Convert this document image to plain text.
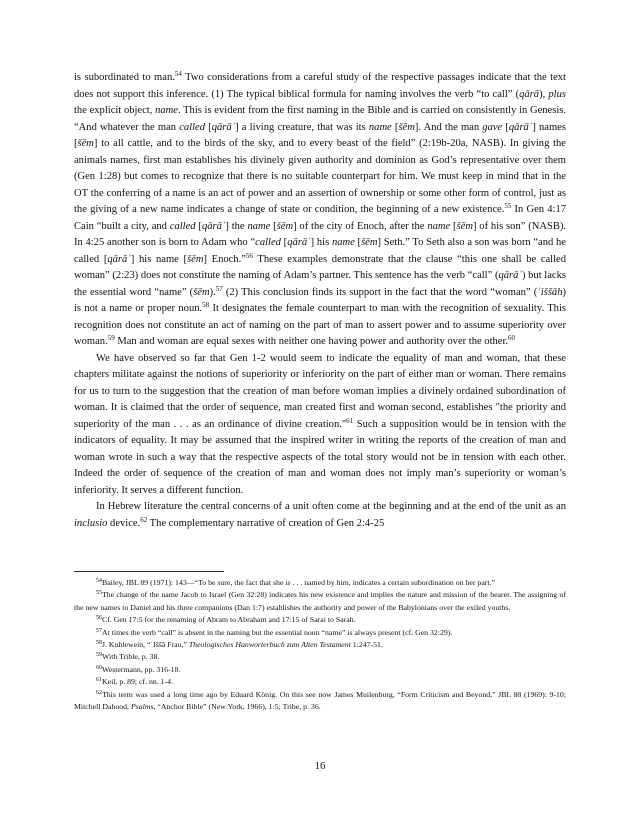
is subordinated to man.$^{54}$ Two considerations from a careful study of the respective passages indicate that the text does not support this inference. (1) The typical biblical formula for naming involves the verb “to call” (qārā), plus the explicit object, name. This is evident from the first naming in the Bible and is carried on consistently in Genesis. “And whatever the man called [qārāʾ] a living creature, that was its name [šēm]. And the man gave [qārāʾ] names [šēm] to all cattle, and to the birds of the sky, and to every beast of the field” (2:19b-20a, NASB). In giving the animals names, first man establishes his divinely given authority and dominion as God’s representative over them (Gen 1:28) but comes to recognize that there is no suitable counterpart for him. We must keep in mind that in the OT the conferring of a name is an act of power and an assertion of ownership or some other form of control, just as the giving of a new name indicates a change of state or condition, the beginning of a new existence.$^{55}$ In Gen 4:17 Cain “built a city, and called [qārāʾ] the name [šēm] of the city of Enoch, after the name [šēm] of his son” (NASB). In 4:25 another son is born to Adam who “called [qārāʾ] his name [šēm] Seth.” To Seth also a son was born “and he called [qārāʾ] his name [šēm] Enoch.”$^{56}$ These examples demonstrate that the clause “this one shall be called woman” (2:23) does not constitute the naming of Adam’s partner. This sentence has the verb “call” (qārāʾ) but lacks the essential word “name” (šēm).$^{57}$ (2) This conclusion finds its support in the fact that the word “woman” (ʾiššāh) is not a name or proper noun.$^{58}$ It designates the female counterpart to man with the recognition of sexuality. This recognition does not constitute an act of naming on the part of man to assert power and to assume superiority over woman.$^{59}$ Man and woman are equal sexes with neither one having power and authority over the other.$^{60}$

We have observed so far that Gen 1-2 would seem to indicate the equality of man and woman, that these chapters militate against the notions of superiority or inferiority on the part of either man or woman. There remains for us to turn to the suggestion that the creation of man before woman implies a divinely ordained subordination of woman. It is claimed that the order of sequence, man created first and woman second, establishes "the priority and superiority of the man . . . as an ordinance of divine creation."$^{61}$ Such a supposition would be in tension with the indicators of equality. It may be assumed that the inspired writer in writing the reports of the creation of man and woman wrote in such a way that the respective aspects of the total story would not be in tension with each other. Indeed the order of sequence of the creation of man and woman does not imply man’s superiority or woman’s inferiority. It serves a different function.

In Hebrew literature the central concerns of a unit often come at the beginning and at the end of the unit as an inclusio device.$^{62}$ The complementary narrative of creation of Gen 2:4-25

$^{54}$Bailey, JBL 89 (1971): 143—“To be sure, the fact that she is . . . named by him, indicates a certain subordination on her part.”

$^{55}$The change of the name Jacob to Israel (Gen 32:28) indicates his new existence and implies the nature and mission of the bearer. The assigning of the new names to Daniel and his three companions (Dan 1:7) establishes the authority and power of the Babylonians over the exiled youths.

$^{56}$Cf. Gen 17:5 for the renaming of Abram to Abraham and 17:15 of Sarai to Sarah.

$^{57}$At times the verb “call” is absent in the naming but the essential noun “name” is always present (cf. Gen 32:29).

$^{58}$J. Kuhlewein, “ʾIššā Frau,” Theologisches Hanworterbuch zum Alten Testament 1:247-51.

$^{59}$With Trible, p. 38.

$^{60}$Westermann, pp. 316-18.

$^{61}$Keil, p. 89; cf. nn. 1-4.

$^{62}$This term was used a long time ago by Eduard König. On this see now James Muilenburg, “Form Criticism and Beyond,” JBL 88 (1969): 9-10; Mitchell Dahood, Psalms, “Anchor Bible” (New York, 1966), 1:5; Tribe, p. 36.

16
